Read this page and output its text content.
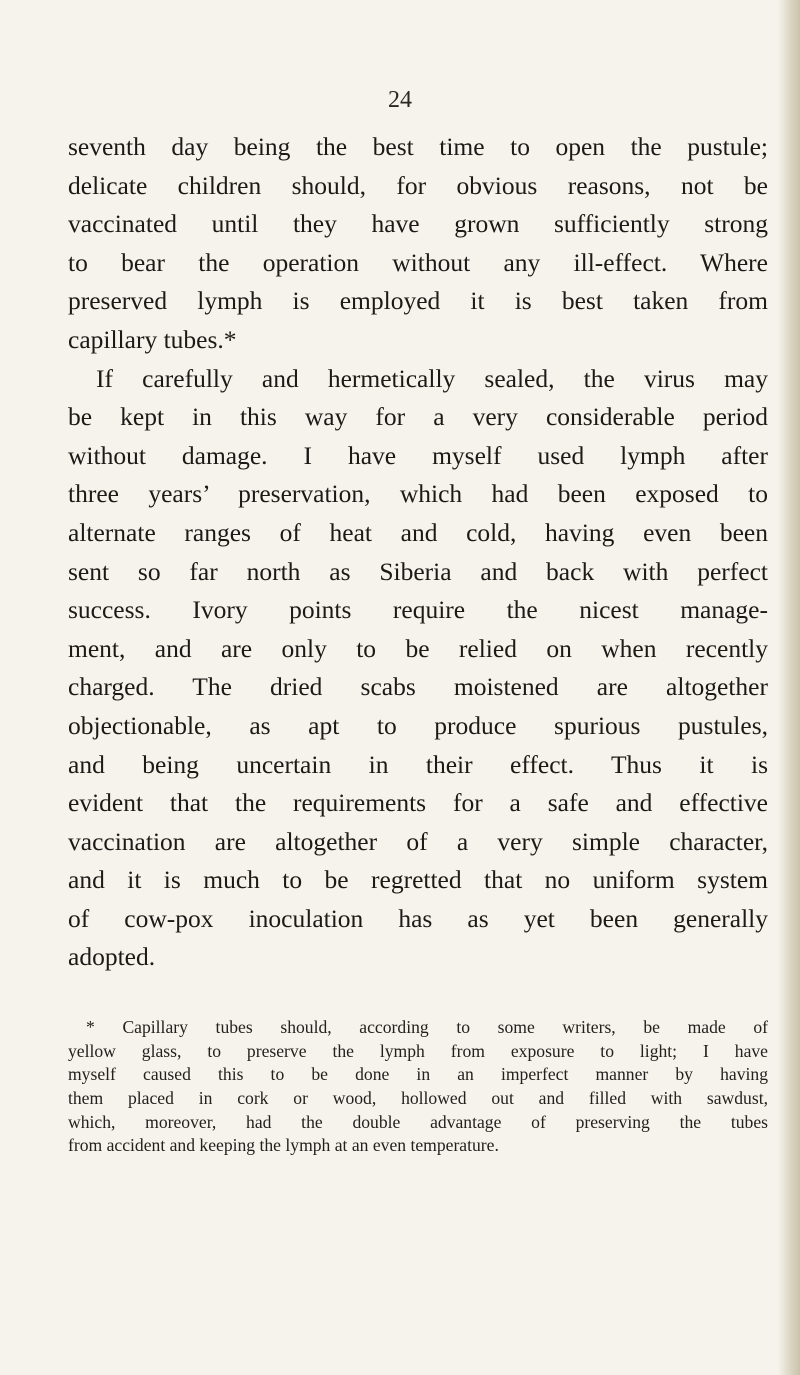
24
seventh day being the best time to open the pustule;
delicate children should, for obvious reasons, not be
vaccinated until they have grown sufficiently strong
to bear the operation without any ill-effect. Where
preserved lymph is employed it is best taken from
capillary tubes.*
If carefully and hermetically sealed, the virus may
be kept in this way for a very considerable period
without damage. I have myself used lymph after
three years’ preservation, which had been exposed to
alternate ranges of heat and cold, having even been
sent so far north as Siberia and back with perfect
success. Ivory points require the nicest manage-
ment, and are only to be relied on when recently
charged. The dried scabs moistened are altogether
objectionable, as apt to produce spurious pustules,
and being uncertain in their effect. Thus it is
evident that the requirements for a safe and effective
vaccination are altogether of a very simple character,
and it is much to be regretted that no uniform system
of cow-pox inoculation has as yet been generally
adopted.
* Capillary tubes should, according to some writers, be made of
yellow glass, to preserve the lymph from exposure to light; I have
myself caused this to be done in an imperfect manner by having
them placed in cork or wood, hollowed out and filled with sawdust,
which, moreover, had the double advantage of preserving the tubes
from accident and keeping the lymph at an even temperature.
